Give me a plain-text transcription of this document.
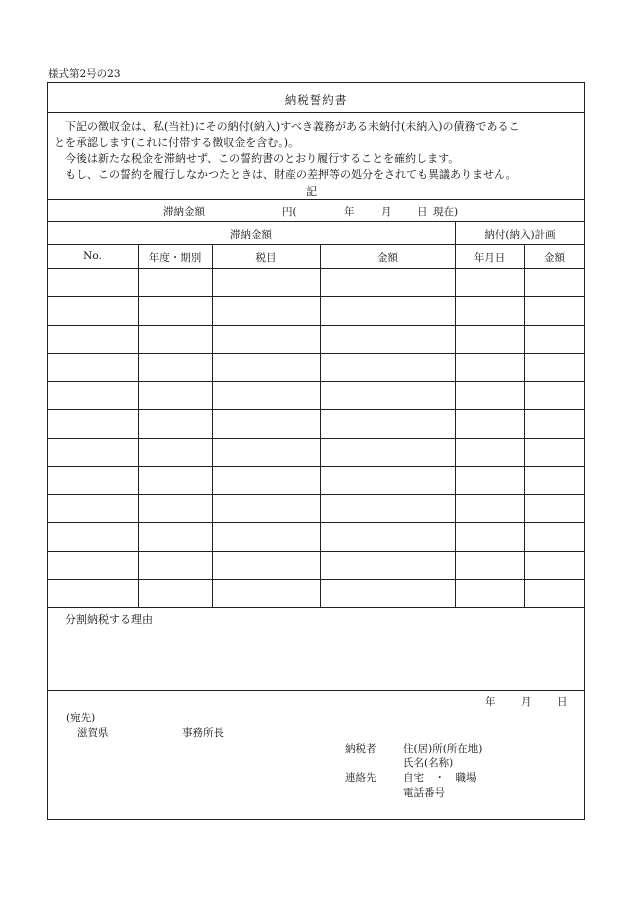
様式第2号の23
納税誓約書
　下記の徴収金は、私(当社)にその納付(納入)すべき義務がある未納付(未納入)の債務であるこ
とを承認します(これに付帯する徴収金を含む。)。
　今後は新たな税金を滞納せず、この誓約書のとおり履行することを確約します。
　もし、この誓約を履行しなかつたときは、財産の差押等の処分をされても異議ありません。
記
滞納金額	円(	年	月 日 現在)
滞納金額	納付(納入)計画
No.	年度・期別	税目	金額	年月日	金額
分割納税する理由
年 月 日
(宛先)
滋賀県	事務所長
納税者	住(居)所(所在地)
氏名(名称)
連絡先	自宅　・　職場
電話番号
